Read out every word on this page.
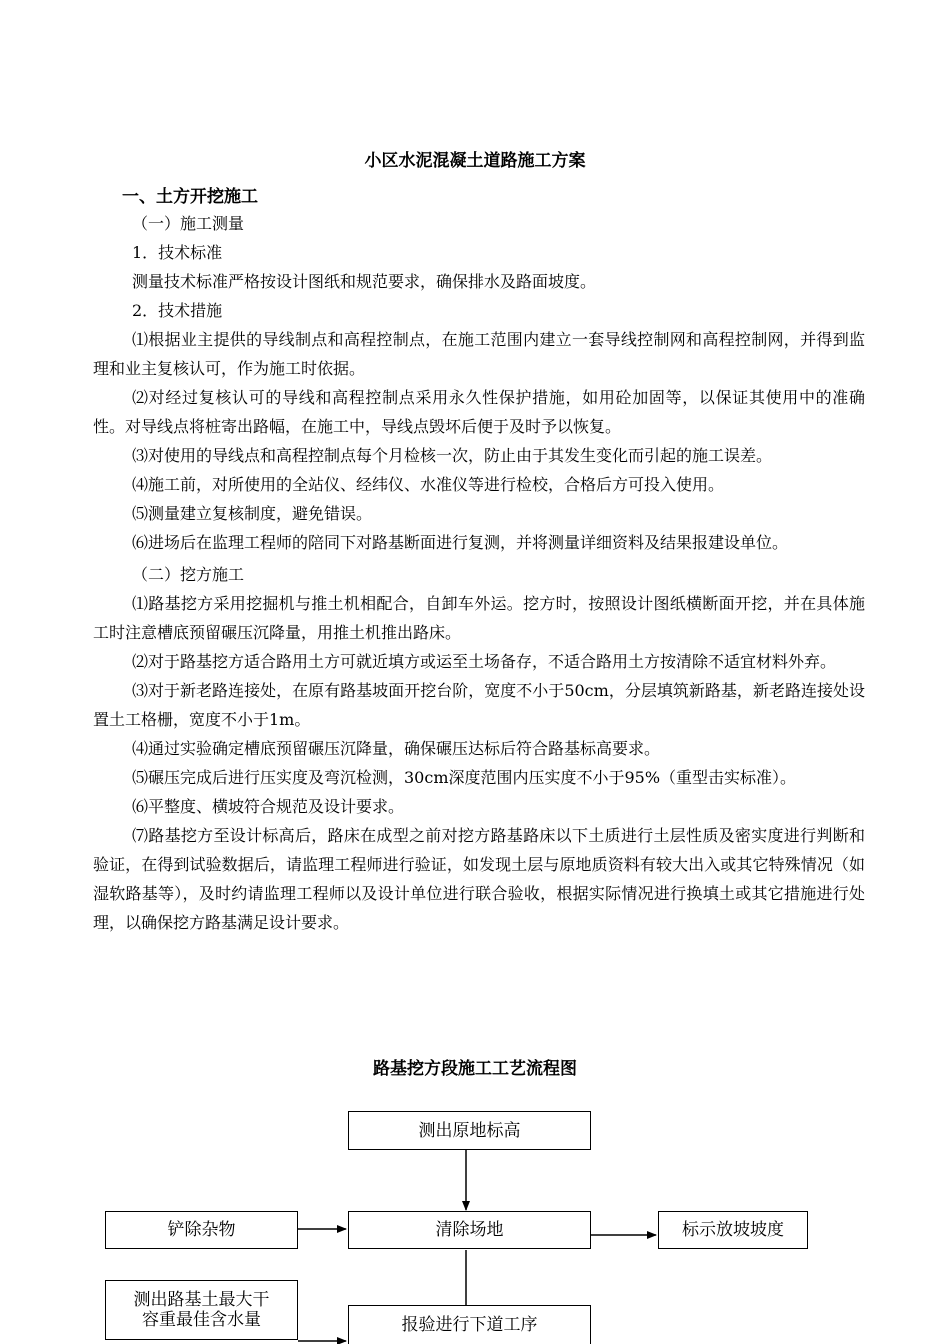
小区水泥混凝土道路施工方案
一、土方开挖施工

（一）施工测量

1．技术标准

测量技术标准严格按设计图纸和规范要求，确保排水及路面坡度。

2．技术措施

⑴根据业主提供的导线制点和高程控制点，在施工范围内建立一套导线控制网和高程控制网，并得到监理和业主复核认可，作为施工时依据。

⑵对经过复核认可的导线和高程控制点采用永久性保护措施，如用砼加固等，以保证其使用中的准确性。对导线点将桩寄出路幅，在施工中，导线点毁坏后便于及时予以恢复。

⑶对使用的导线点和高程控制点每个月检核一次，防止由于其发生变化而引起的施工误差。

⑷施工前，对所使用的全站仪、经纬仪、水准仪等进行检校，合格后方可投入使用。

⑸测量建立复核制度，避免错误。

⑹进场后在监理工程师的陪同下对路基断面进行复测，并将测量详细资料及结果报建设单位。

（二）挖方施工

⑴路基挖方采用挖掘机与推土机相配合，自卸车外运。挖方时，按照设计图纸横断面开挖，并在具体施工时注意槽底预留碾压沉降量，用推土机推出路床。

⑵对于路基挖方适合路用土方可就近填方或运至土场备存，不适合路用土方按清除不适宜材料外弃。

⑶对于新老路连接处，在原有路基坡面开挖台阶，宽度不小于50cm，分层填筑新路基，新老路连接处设置土工格栅，宽度不小于1m。

⑷通过实验确定槽底预留碾压沉降量，确保碾压达标后符合路基标高要求。

⑸碾压完成后进行压实度及弯沉检测，30cm深度范围内压实度不小于95%（重型击实标准）。

⑹平整度、横坡符合规范及设计要求。

⑺路基挖方至设计标高后，路床在成型之前对挖方路基路床以下土质进行土层性质及密实度进行判断和验证，在得到试验数据后，请监理工程师进行验证，如发现土层与原地质资料有较大出入或其它特殊情况（如湿软路基等），及时约请监理工程师以及设计单位进行联合验收，根据实际情况进行换填土或其它措施进行处理，以确保挖方路基满足设计要求。

路基挖方段施工工艺流程图
测出原地标高
铲除杂物	清除场地	标示放坡坡度
测出路基土最大干容重最佳含水量	报验进行下道工序
